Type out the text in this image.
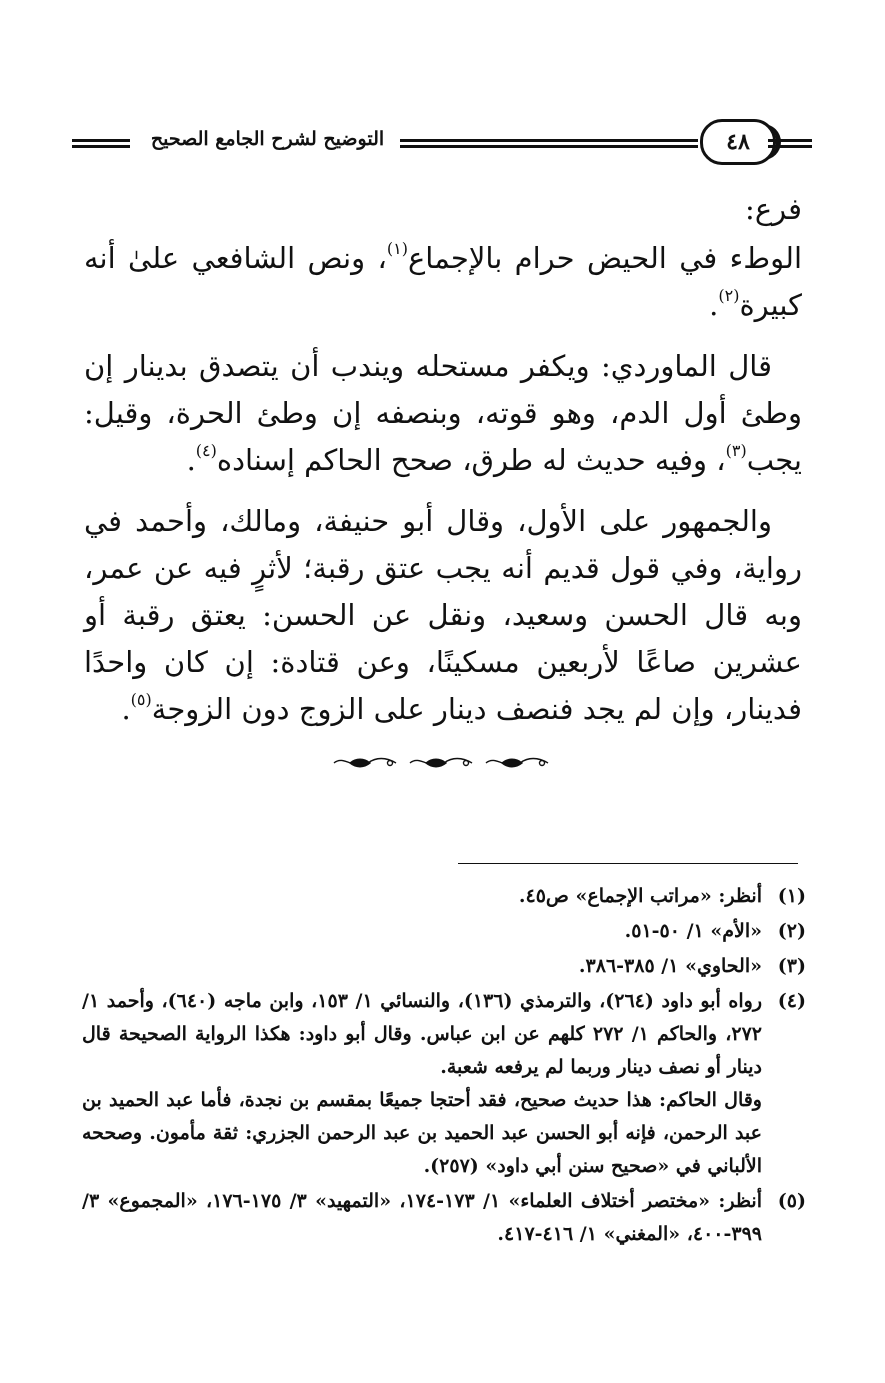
التوضيح لشرح الجامع الصحيح	٤٨

فرع:

الوطء في الحيض حرام بالإجماع$^{(١)}$، ونص الشافعي علىٰ أنه كبيرة$^{(٢)}$.

قال الماوردي: ويكفر مستحله ويندب أن يتصدق بدينار إن وطئ أول الدم، وهو قوته، وبنصفه إن وطئ الحرة، وقيل: يجب$^{(٣)}$، وفيه حديث له طرق، صحح الحاكم إسناده$^{(٤)}$.

والجمهور على الأول، وقال أبو حنيفة، ومالك، وأحمد في رواية، وفي قول قديم أنه يجب عتق رقبة؛ لأثرٍ فيه عن عمر، وبه قال الحسن وسعيد، ونقل عن الحسن: يعتق رقبة أو عشرين صاعًا لأربعين مسكينًا، وعن قتادة: إن كان واحدًا فدينار، وإن لم يجد فنصف دينار على الزوج دون الزوجة$^{(٥)}$.

(١)
أنظر: «مراتب الإجماع» ص٤٥.
(٢)
«الأم» ١/ ٥٠-٥١.
(٣)
«الحاوي» ١/ ٣٨٥-٣٨٦.
(٤)
رواه أبو داود (٢٦٤)، والترمذي (١٣٦)، والنسائي ١/ ١٥٣، وابن ماجه (٦٤٠)، وأحمد ١/ ٢٧٢، والحاكم ١/ ٢٧٢ كلهم عن ابن عباس. وقال أبو داود: هكذا الرواية الصحيحة قال دينار أو نصف دينار وربما لم يرفعه شعبة.
وقال الحاكم: هذا حديث صحيح، فقد أحتجا جميعًا بمقسم بن نجدة، فأما عبد الحميد بن عبد الرحمن، فإنه أبو الحسن عبد الحميد بن عبد الرحمن الجزري: ثقة مأمون. وصححه الألباني في «صحيح سنن أبي داود» (٢٥٧).
(٥)
أنظر: «مختصر أختلاف العلماء» ١/ ١٧٣-١٧٤، «التمهيد» ٣/ ١٧٥-١٧٦، «المجموع» ٣/ ٣٩٩-٤٠٠، «المغني» ١/ ٤١٦-٤١٧.
